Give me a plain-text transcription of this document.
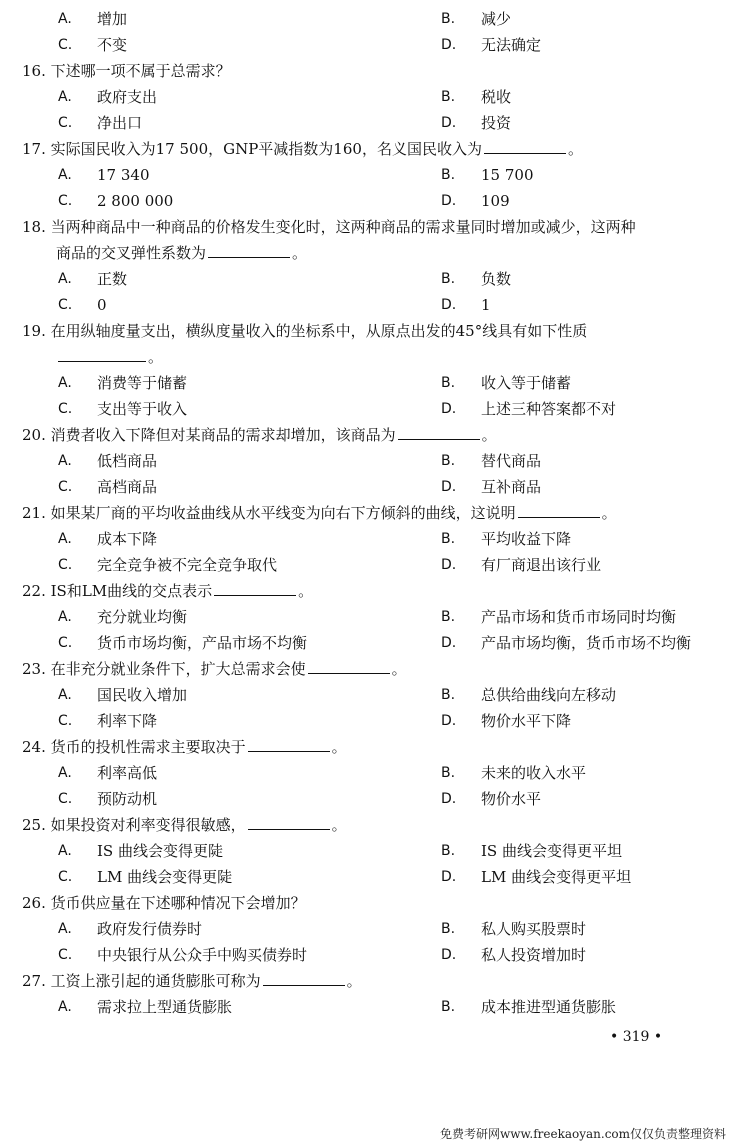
A. 增加	B. 减少
C. 不变	D. 无法确定
16. 下述哪一项不属于总需求？
A. 政府支出	B. 税收
C. 净出口	D. 投资
17. 实际国民收入为17 500，GNP平减指数为160，名义国民收入为	。
A. 17 340	B. 15 700
C. 2 800 000	D. 109
18. 当两种商品中一种商品的价格发生变化时，这两种商品的需求量同时增加或减少，这两种
商品的交叉弹性系数为	。
A. 正数	B. 负数
C. 0	D. 1
19. 在用纵轴度量支出，横纵度量收入的坐标系中，从原点出发的45°线具有如下性质
。
A. 消费等于储蓄	B. 收入等于储蓄
C. 支出等于收入	D. 上述三种答案都不对
20. 消费者收入下降但对某商品的需求却增加，该商品为	。
A. 低档商品	B. 替代商品
C. 高档商品	D. 互补商品
21. 如果某厂商的平均收益曲线从水平线变为向右下方倾斜的曲线，这说明	。
A. 成本下降	B. 平均收益下降
C. 完全竞争被不完全竞争取代	D. 有厂商退出该行业
22. IS和LM曲线的交点表示	。
A. 充分就业均衡	B. 产品市场和货币市场同时均衡
C. 货币市场均衡，产品市场不均衡	D. 产品市场均衡，货币市场不均衡
23. 在非充分就业条件下，扩大总需求会使	。
A. 国民收入增加	B. 总供给曲线向左移动
C. 利率下降	D. 物价水平下降
24. 货币的投机性需求主要取决于	。
A. 利率高低	B. 未来的收入水平
C. 预防动机	D. 物价水平
25. 如果投资对利率变得很敏感，	。
A. IS 曲线会变得更陡	B. IS 曲线会变得更平坦
C. LM 曲线会变得更陡	D. LM 曲线会变得更平坦
26. 货币供应量在下述哪种情况下会增加？
A. 政府发行债券时	B. 私人购买股票时
C. 中央银行从公众手中购买债券时	D. 私人投资增加时
27. 工资上涨引起的通货膨胀可称为	。
A. 需求拉上型通货膨胀	B. 成本推进型通货膨胀
• 319 •
免费考研网www.freekaoyan.com仅仅负责整理资料
